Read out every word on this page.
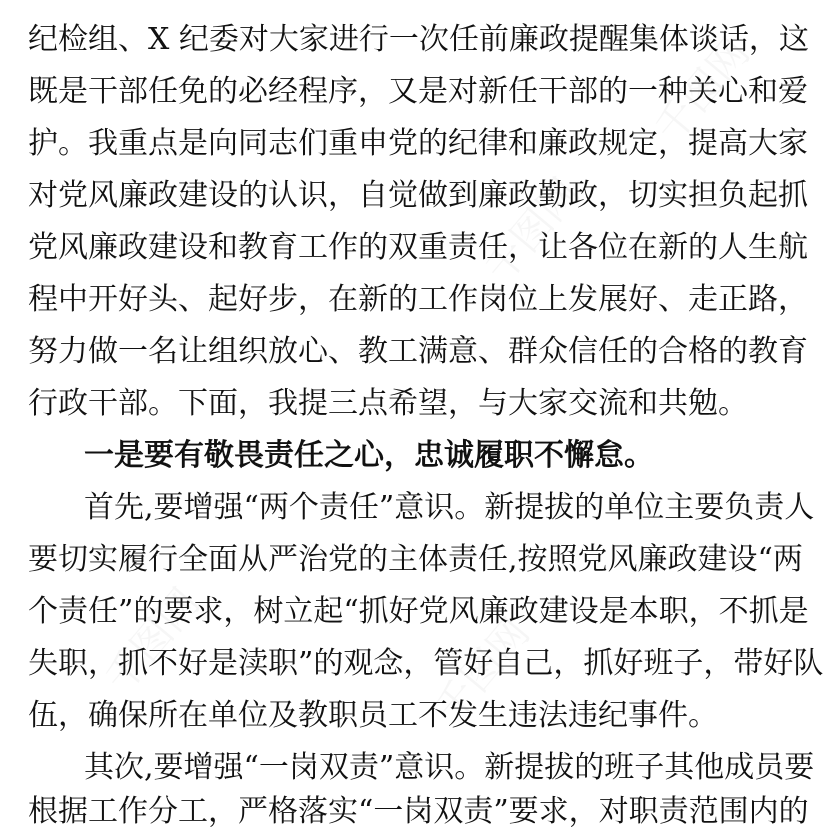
千图网
千图网
千图网	千图网
纪检组、X 纪委对大家进行一次任前廉政提醒集体谈话，这
既是干部任免的必经程序，又是对新任干部的一种关心和爱
护。我重点是向同志们重申党的纪律和廉政规定，提高大家
对党风廉政建设的认识，自觉做到廉政勤政，切实担负起抓
党风廉政建设和教育工作的双重责任，让各位在新的人生航
程中开好头、起好步，在新的工作岗位上发展好、走正路，
努力做一名让组织放心、教工满意、群众信任的合格的教育
行政干部。下面，我提三点希望，与大家交流和共勉。
一是要有敬畏责任之心，忠诚履职不懈怠。
首先,要增强“两个责任”意识。新提拔的单位主要负责人
要切实履行全面从严治党的主体责任,按照党风廉政建设“两
个责任”的要求，树立起“抓好党风廉政建设是本职，不抓是
失职，抓不好是渎职”的观念，管好自己，抓好班子，带好队
伍，确保所在单位及教职员工不发生违法违纪事件。
其次,要增强“一岗双责”意识。新提拔的班子其他成员要
根据工作分工，严格落实“一岗双责”要求，对职责范围内的
